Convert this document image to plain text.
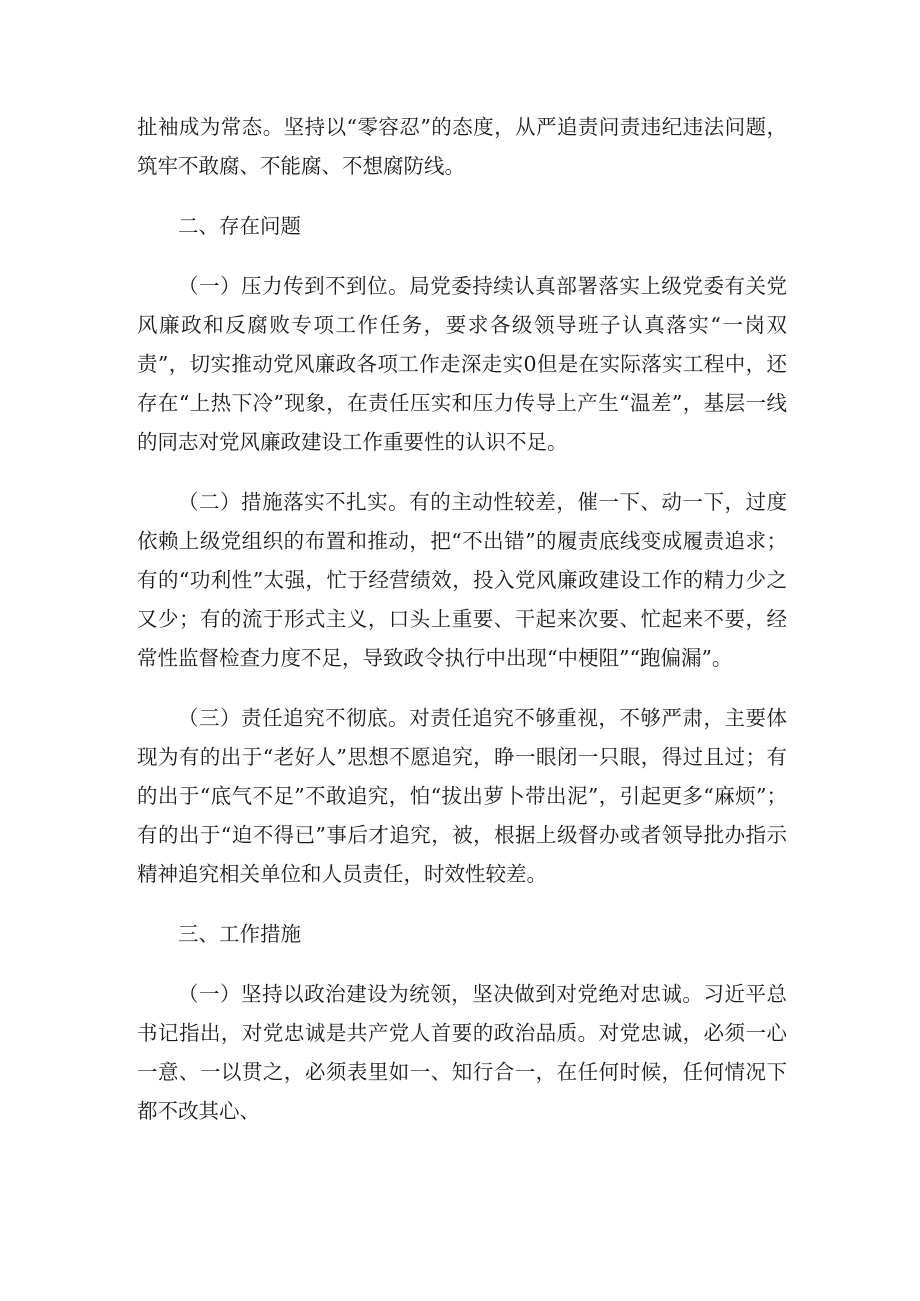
扯袖成为常态。坚持以“零容忍”的态度，从严追责问责违纪违法问题，筑牢不敢腐、不能腐、不想腐防线。

二、存在问题

（一）压力传到不到位。局党委持续认真部署落实上级党委有关党风廉政和反腐败专项工作任务，要求各级领导班子认真落实“一岗双责”，切实推动党风廉政各项工作走深走实0但是在实际落实工程中，还存在“上热下冷”现象，在责任压实和压力传导上产生“温差”，基层一线的同志对党风廉政建设工作重要性的认识不足。

（二）措施落实不扎实。有的主动性较差，催一下、动一下，过度依赖上级党组织的布置和推动，把“不出错”的履责底线变成履责追求；有的“功利性”太强，忙于经营绩效，投入党风廉政建设工作的精力少之又少；有的流于形式主义，口头上重要、干起来次要、忙起来不要，经常性监督检查力度不足，导致政令执行中出现“中梗阻”“跑偏漏”。

（三）责任追究不彻底。对责任追究不够重视，不够严肃，主要体现为有的出于“老好人”思想不愿追究，睁一眼闭一只眼，得过且过；有的出于“底气不足”不敢追究，怕“拔出萝卜带出泥”，引起更多“麻烦”；有的出于“迫不得已”事后才追究，被，根据上级督办或者领导批办指示精神追究相关单位和人员责任，时效性较差。

三、工作措施

（一）坚持以政治建设为统领，坚决做到对党绝对忠诚。习近平总书记指出，对党忠诚是共产党人首要的政治品质。对党忠诚，必须一心一意、一以贯之，必须表里如一、知行合一，在任何时候，任何情况下都不改其心、
